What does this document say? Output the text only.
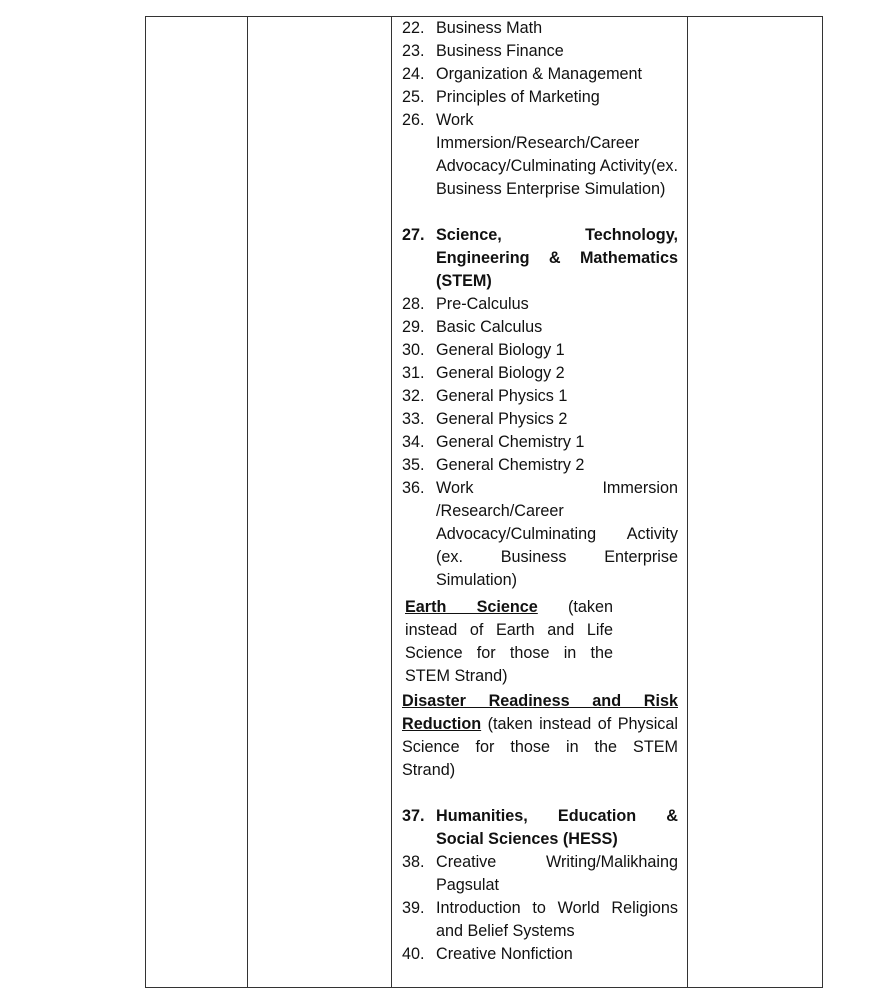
22. Business Math
23. Business Finance
24. Organization & Management
25. Principles of Marketing
26. Work Immersion/Research/Career Advocacy/Culminating Activity(ex. Business Enterprise Simulation)
27. Science, Technology, Engineering & Mathematics (STEM)
28. Pre-Calculus
29. Basic Calculus
30. General Biology 1
31. General Biology 2
32. General Physics 1
33. General Physics 2
34. General Chemistry 1
35. General Chemistry 2
36. Work Immersion /Research/Career Advocacy/Culminating Activity (ex. Business Enterprise Simulation)
Earth Science (taken instead of Earth and Life Science for those in the STEM Strand)
Disaster Readiness and Risk Reduction (taken instead of Physical Science for those in the STEM Strand)
37. Humanities, Education & Social Sciences (HESS)
38. Creative Writing/Malikhaing Pagsulat
39. Introduction to World Religions and Belief Systems
40. Creative Nonfiction
